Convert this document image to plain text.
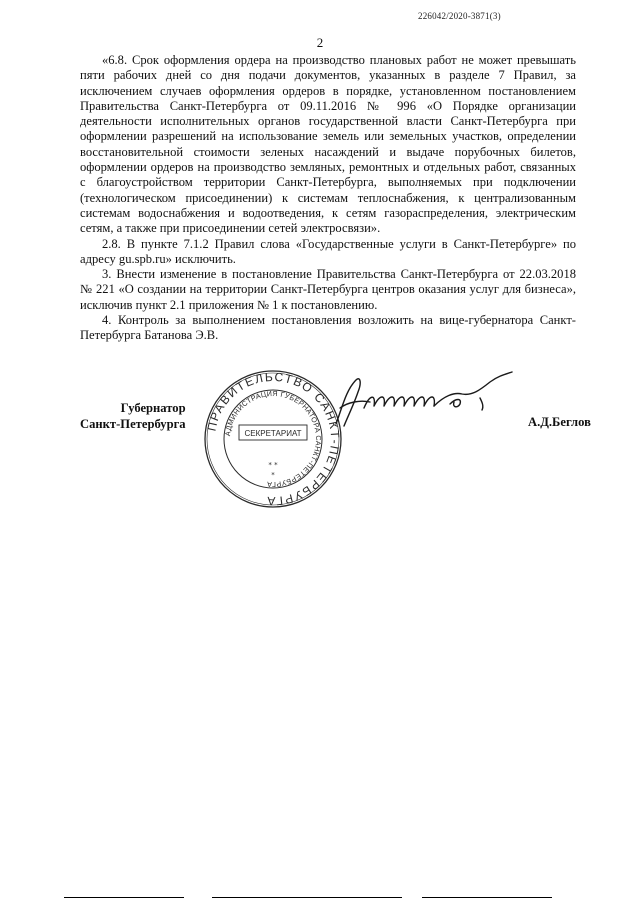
226042/2020-3871(3)
2

«6.8. Срок оформления ордера на производство плановых работ не может превышать пяти рабочих дней со дня подачи документов, указанных в разделе 7 Правил, за исключением случаев оформления ордеров в порядке, установленном постановлением Правительства Санкт-Петербурга от 09.11.2016 № 996 «О Порядке организации деятельности исполнительных органов государственной власти Санкт-Петербурга при оформлении разрешений на использование земель или земельных участков, определении восстановительной стоимости зеленых насаждений и выдаче порубочных билетов, оформлении ордеров на производство земляных, ремонтных и отдельных работ, связанных с благоустройством территории Санкт-Петербурга, выполняемых при подключении (технологическом присоединении) к системам теплоснабжения, к централизованным системам водоснабжения и водоотведения, к сетям газораспределения, электрическим сетям, а также при присоединении сетей электросвязи».

2.8. В пункте 7.1.2 Правил слова «Государственные услуги в Санкт-Петербурге» по адресу gu.spb.ru» исключить.

3. Внести изменение в постановление Правительства Санкт-Петербурга от 22.03.2018 № 221 «О создании на территории Санкт-Петербурга центров оказания услуг для бизнеса», исключив пункт 2.1 приложения № 1 к постановлению.

4. Контроль за выполнением постановления возложить на вице-губернатора Санкт-Петербурга Батанова Э.В.

Губернатор
Санкт-Петербурга	А.Д.Беглов
ПРАВИТЕЛЬСТВО САНКТ-ПЕТЕРБУРГА
АДМИНИСТРАЦИЯ ГУБЕРНАТОРА САНКТ-ПЕТЕРБУРГА
СЕКРЕТАРИАТ
* *
*
